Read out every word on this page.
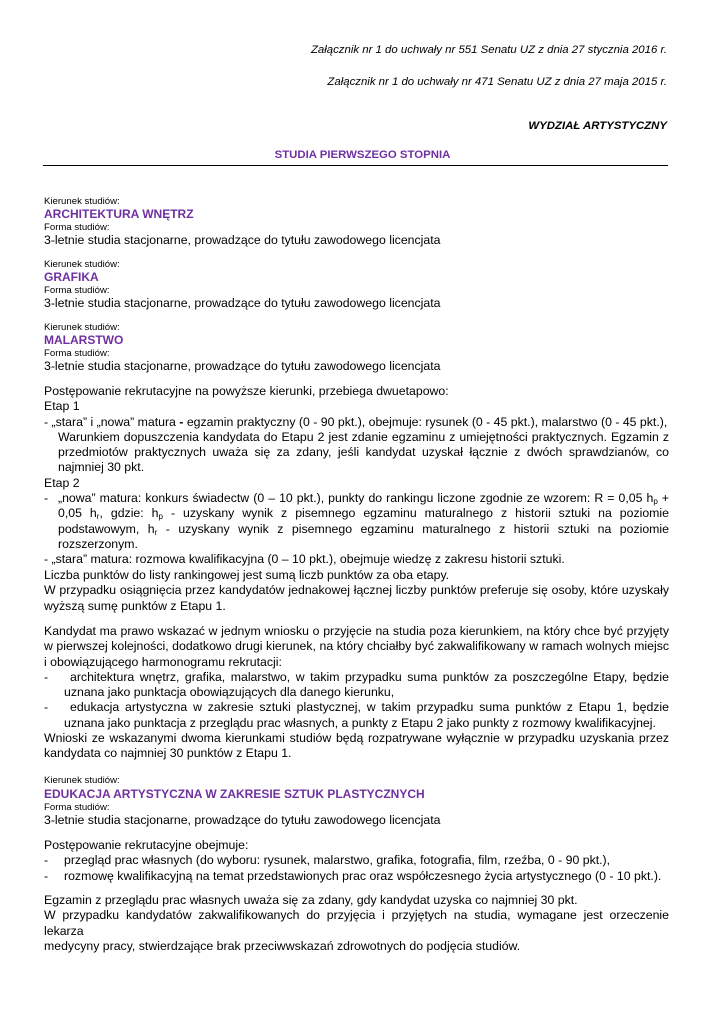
Załącznik nr 1 do uchwały nr 551 Senatu UZ z dnia 27 stycznia 2016 r.
Załącznik nr 1 do uchwały nr 471 Senatu UZ z dnia 27 maja 2015 r.
WYDZIAŁ ARTYSTYCZNY
STUDIA PIERWSZEGO STOPNIA
Kierunek studiów:
ARCHITEKTURA WNĘTRZ
Forma studiów:
3-letnie studia stacjonarne, prowadzące do tytułu zawodowego licencjata
Kierunek studiów:
GRAFIKA
Forma studiów:
3-letnie studia stacjonarne, prowadzące do tytułu zawodowego licencjata
Kierunek studiów:
MALARSTWO
Forma studiów:
3-letnie studia stacjonarne, prowadzące do tytułu zawodowego licencjata
Postępowanie rekrutacyjne na powyższe kierunki, przebiega dwuetapowo:
Etap 1
- „stara” i „nowa” matura - egzamin praktyczny (0 - 90 pkt.), obejmuje: rysunek (0 - 45 pkt.), malarstwo (0 - 45 pkt.),
Warunkiem dopuszczenia kandydata do Etapu 2 jest zdanie egzaminu z umiejętności praktycznych. Egzamin z
przedmiotów praktycznych uważa się za zdany, jeśli kandydat uzyskał łącznie z dwóch sprawdzianów, co
najmniej 30 pkt.
Etap 2
- „nowa” matura: konkurs świadectw (0 – 10 pkt.), punkty do rankingu liczone zgodnie ze wzorem: R = 0,05 $h_p$ +
0,05 $h_r$, gdzie: $h_p$ - uzyskany wynik z pisemnego egzaminu maturalnego z historii sztuki na poziomie
podstawowym, $h_r$ - uzyskany wynik z pisemnego egzaminu maturalnego z historii sztuki na poziomie
rozszerzonym.
- „stara” matura: rozmowa kwalifikacyjna (0 – 10 pkt.), obejmuje wiedzę z zakresu historii sztuki.
Liczba punktów do listy rankingowej jest sumą liczb punktów za oba etapy.
W przypadku osiągnięcia przez kandydatów jednakowej łącznej liczby punktów preferuje się osoby, które uzyskały
wyższą sumę punktów z Etapu 1.
Kandydat ma prawo wskazać w jednym wniosku o przyjęcie na studia poza kierunkiem, na który chce być przyjęty
w pierwszej kolejności, dodatkowo drugi kierunek, na który chciałby być zakwalifikowany w ramach wolnych miejsc
i obowiązującego harmonogramu rekrutacji:
-	architektura wnętrz, grafika, malarstwo, w takim przypadku suma punktów za poszczególne Etapy, będzie
uznana jako punktacja obowiązujących dla danego kierunku,
-	edukacja artystyczna w zakresie sztuki plastycznej, w takim przypadku suma punktów z Etapu 1, będzie
uznana jako punktacja z przeglądu prac własnych, a punkty z Etapu 2 jako punkty z rozmowy kwalifikacyjnej.
Wnioski ze wskazanymi dwoma kierunkami studiów będą rozpatrywane wyłącznie w przypadku uzyskania przez
kandydata co najmniej 30 punktów z Etapu 1.
Kierunek studiów:
EDUKACJA ARTYSTYCZNA W ZAKRESIE SZTUK PLASTYCZNYCH
Forma studiów:
3-letnie studia stacjonarne, prowadzące do tytułu zawodowego licencjata
Postępowanie rekrutacyjne obejmuje:
-	przegląd prac własnych (do wyboru: rysunek, malarstwo, grafika, fotografia, film, rzeźba, 0 - 90 pkt.),
-	rozmowę kwalifikacyjną na temat przedstawionych prac oraz współczesnego życia artystycznego (0 - 10 pkt.).
Egzamin z przeglądu prac własnych uważa się za zdany, gdy kandydat uzyska co najmniej 30 pkt.
W przypadku kandydatów zakwalifikowanych do przyjęcia i przyjętych na studia, wymagane jest orzeczenie lekarza
medycyny pracy, stwierdzające brak przeciwwskazań zdrowotnych do podjęcia studiów.
